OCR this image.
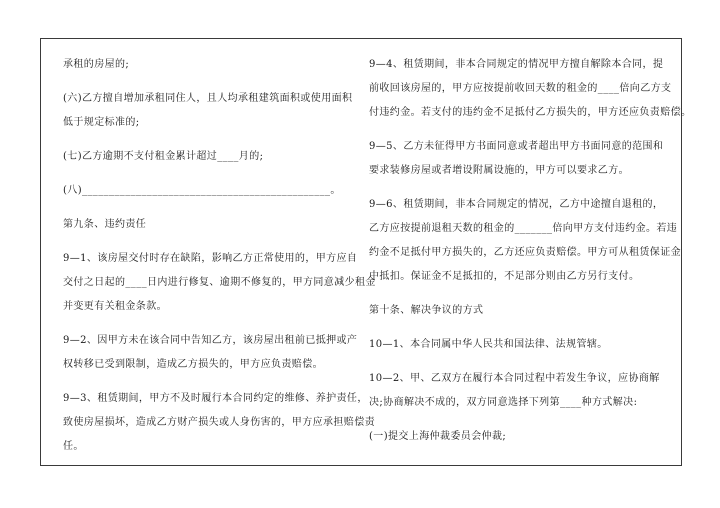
承租的房屋的;
(六)乙方擅自增加承租同住人，且人均承租建筑面积或使用面积
低于规定标准的;
(七)乙方逾期不支付租金累计超过____月的;
(八)______________________________________________。
第九条、违约责任
9—1、该房屋交付时存在缺陷，影响乙方正常使用的，甲方应自
交付之日起的____日内进行修复、逾期不修复的，甲方同意减少租金
并变更有关租金条款。
9—2、因甲方未在该合同中告知乙方，该房屋出租前已抵押或产
权转移已受到限制，造成乙方损失的，甲方应负责赔偿。
9—3、租赁期间，甲方不及时履行本合同约定的维修、养护责任，
致使房屋损坏，造成乙方财产损失或人身伤害的，甲方应承担赔偿责
任。
9—4、租赁期间，非本合同规定的情况甲方擅自解除本合同，提
前收回该房屋的，甲方应按提前收回天数的租金的____倍向乙方支
付违约金。若支付的违约金不足抵付乙方损失的，甲方还应负责赔偿。
9—5、乙方未征得甲方书面同意或者超出甲方书面同意的范围和
要求装修房屋或者增设附属设施的，甲方可以要求乙方。
9—6、租赁期间，非本合同规定的情况，乙方中途擅自退租的，
乙方应按提前退租天数的租金的_______倍向甲方支付违约金。若违
约金不足抵付甲方损失的，乙方还应负责赔偿。甲方可从租赁保证金
中抵扣。保证金不足抵扣的，不足部分则由乙方另行支付。
第十条、解决争议的方式
10—1、本合同属中华人民共和国法律、法规管辖。
10—2、甲、乙双方在履行本合同过程中若发生争议，应协商解
决;协商解决不成的，双方同意选择下列第____种方式解决:
(一)提交上海仲裁委员会仲裁;
